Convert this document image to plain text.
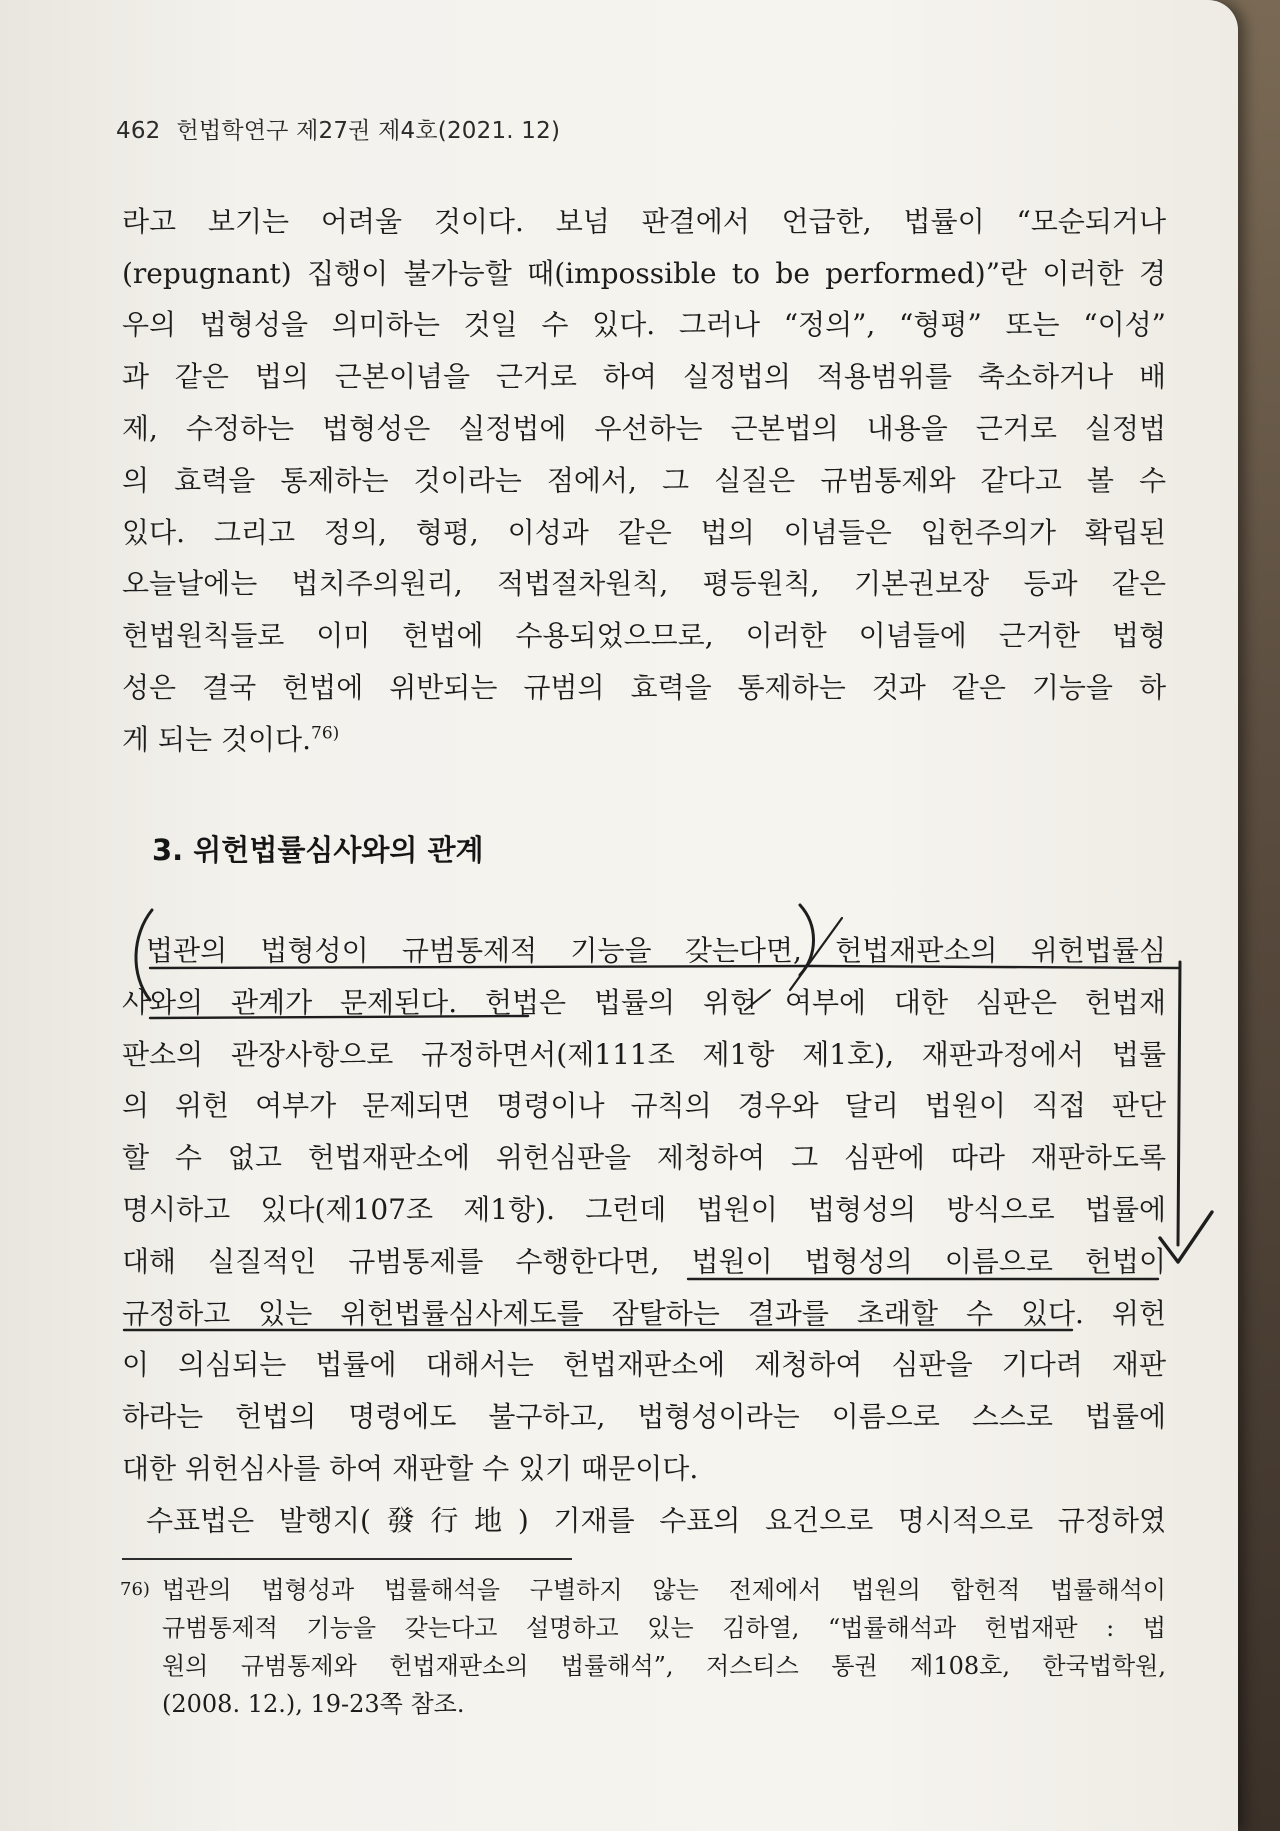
462 헌법학연구 제27권 제4호(2021. 12)
라고 보기는 어려울 것이다. 보넘 판결에서 언급한, 법률이 “모순되거나
(repugnant) 집행이 불가능할 때(impossible to be performed)”란 이러한 경
우의 법형성을 의미하는 것일 수 있다. 그러나 “정의”, “형평” 또는 “이성”
과 같은 법의 근본이념을 근거로 하여 실정법의 적용범위를 축소하거나 배
제, 수정하는 법형성은 실정법에 우선하는 근본법의 내용을 근거로 실정법
의 효력을 통제하는 것이라는 점에서, 그 실질은 규범통제와 같다고 볼 수
있다. 그리고 정의, 형평, 이성과 같은 법의 이념들은 입헌주의가 확립된
오늘날에는 법치주의원리, 적법절차원칙, 평등원칙, 기본권보장 등과 같은
헌법원칙들로 이미 헌법에 수용되었으므로, 이러한 이념들에 근거한 법형
성은 결국 헌법에 위반되는 규범의 효력을 통제하는 것과 같은 기능을 하
게 되는 것이다.$^{76)}$
3. 위헌법률심사와의 관계
법관의 법형성이 규범통제적 기능을 갖는다면, 헌법재판소의 위헌법률심
사와의 관계가 문제된다. 헌법은 법률의 위헌 여부에 대한 심판은 헌법재
판소의 관장사항으로 규정하면서(제111조 제1항 제1호), 재판과정에서 법률
의 위헌 여부가 문제되면 명령이나 규칙의 경우와 달리 법원이 직접 판단
할 수 없고 헌법재판소에 위헌심판을 제청하여 그 심판에 따라 재판하도록
명시하고 있다(제107조 제1항). 그런데 법원이 법형성의 방식으로 법률에
대해 실질적인 규범통제를 수행한다면, 법원이 법형성의 이름으로 헌법이
규정하고 있는 위헌법률심사제도를 잠탈하는 결과를 초래할 수 있다. 위헌
이 의심되는 법률에 대해서는 헌법재판소에 제청하여 심판을 기다려 재판
하라는 헌법의 명령에도 불구하고, 법형성이라는 이름으로 스스로 법률에
대한 위헌심사를 하여 재판할 수 있기 때문이다.
수표법은 발행지(發行地) 기재를 수표의 요건으로 명시적으로 규정하였
76) 법관의 법형성과 법률해석을 구별하지 않는 전제에서 법원의 합헌적 법률해석이
규범통제적 기능을 갖는다고 설명하고 있는 김하열, “법률해석과 헌법재판 : 법
원의 규범통제와 헌법재판소의 법률해석”, 저스티스 통권 제108호, 한국법학원,
(2008. 12.), 19-23쪽 참조.
